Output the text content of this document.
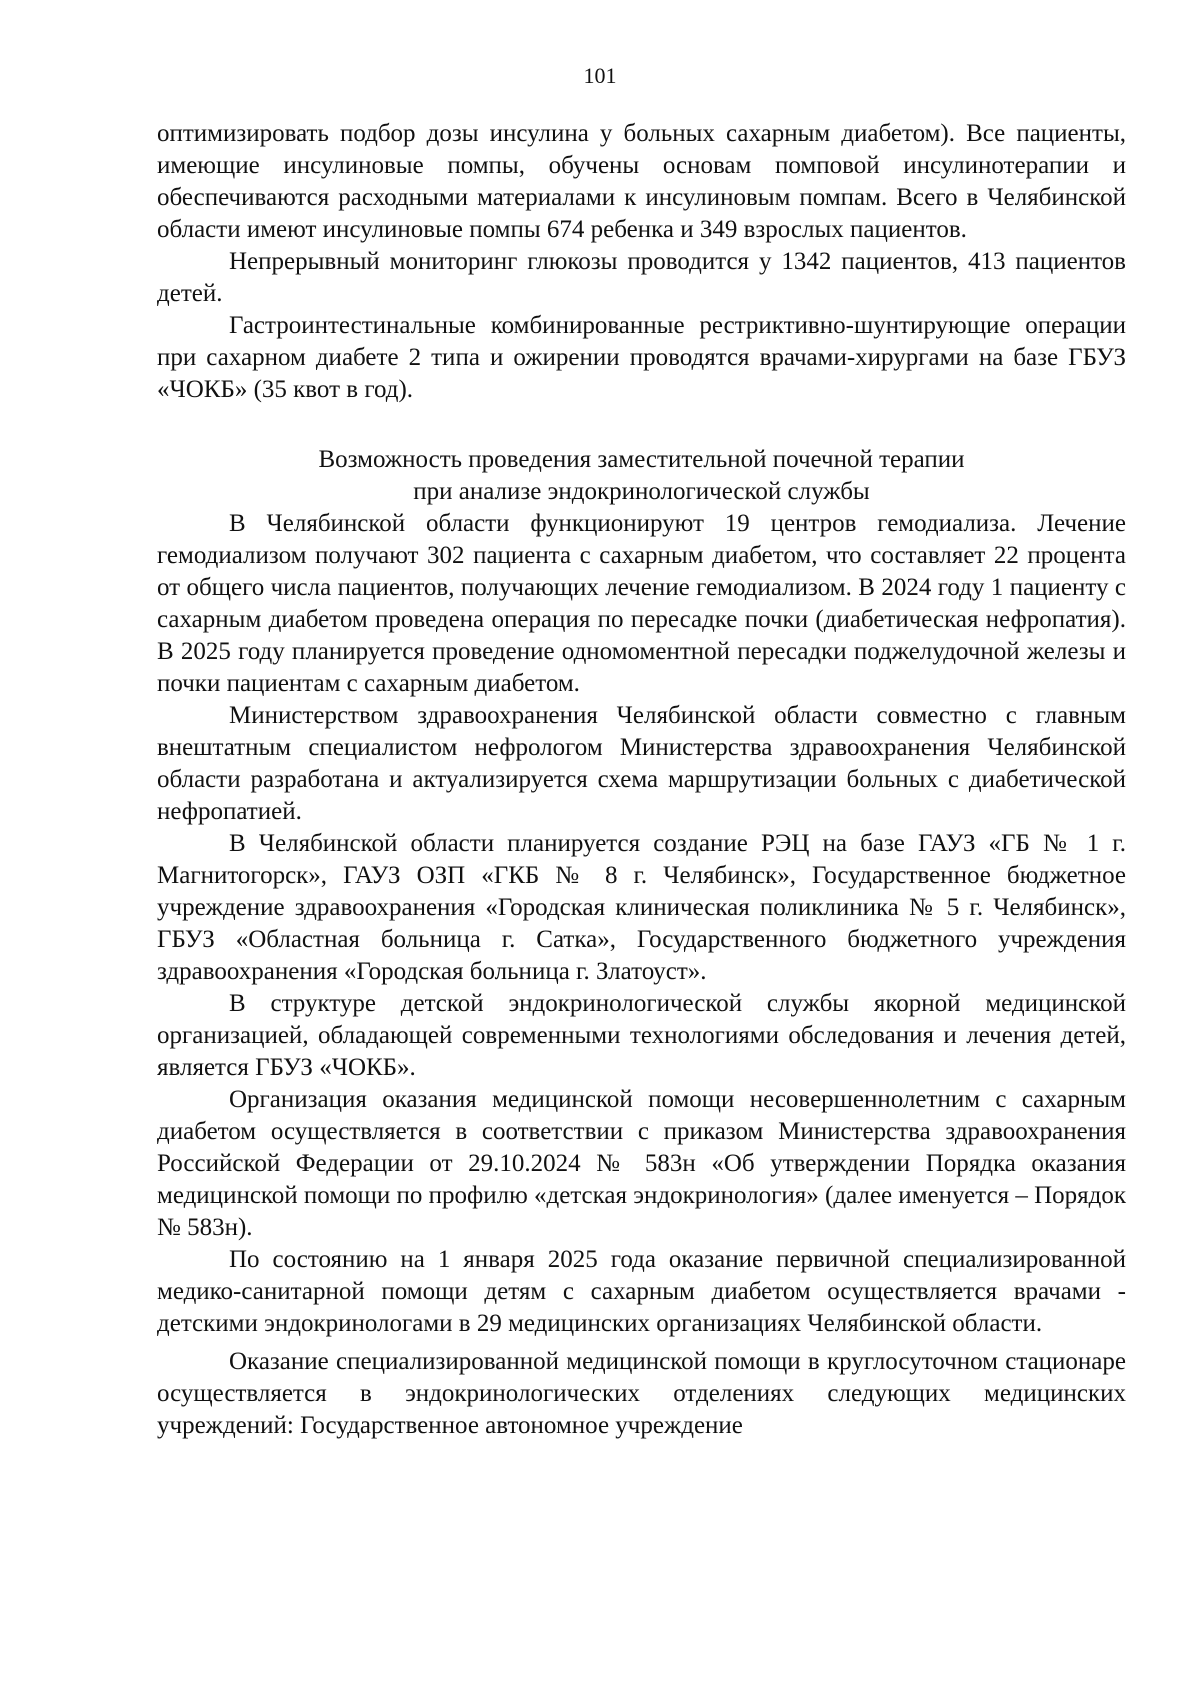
101

оптимизировать подбор дозы инсулина у больных сахарным диабетом). Все пациенты, имеющие инсулиновые помпы, обучены основам помповой инсулинотерапии и обеспечиваются расходными материалами к инсулиновым помпам. Всего в Челябинской области имеют инсулиновые помпы 674 ребенка и 349 взрослых пациентов.

Непрерывный мониторинг глюкозы проводится у 1342 пациентов, 413 пациентов детей.

Гастроинтестинальные комбинированные рестриктивно-шунтирующие операции при сахарном диабете 2 типа и ожирении проводятся врачами-хирургами на базе ГБУЗ «ЧОКБ» (35 квот в год).

Возможность проведения заместительной почечной терапии
при анализе эндокринологической службы

В Челябинской области функционируют 19 центров гемодиализа. Лечение гемодиализом получают 302 пациента с сахарным диабетом, что составляет 22 процента от общего числа пациентов, получающих лечение гемодиализом. В 2024 году 1 пациенту с сахарным диабетом проведена операция по пересадке почки (диабетическая нефропатия). В 2025 году планируется проведение одномоментной пересадки поджелудочной железы и почки пациентам с сахарным диабетом.

Министерством здравоохранения Челябинской области совместно с главным внештатным специалистом нефрологом Министерства здравоохранения Челябинской области разработана и актуализируется схема маршрутизации больных с диабетической нефропатией.

В Челябинской области планируется создание РЭЦ на базе ГАУЗ «ГБ № 1 г. Магнитогорск», ГАУЗ ОЗП «ГКБ № 8 г. Челябинск», Государственное бюджетное учреждение здравоохранения «Городская клиническая поликлиника № 5 г. Челябинск», ГБУЗ «Областная больница г. Сатка», Государственного бюджетного учреждения здравоохранения «Городская больница г. Златоуст».

В структуре детской эндокринологической службы якорной медицинской организацией, обладающей современными технологиями обследования и лечения детей, является ГБУЗ «ЧОКБ».

Организация оказания медицинской помощи несовершеннолетним с сахарным диабетом осуществляется в соответствии с приказом Министерства здравоохранения Российской Федерации от 29.10.2024 № 583н «Об утверждении Порядка оказания медицинской помощи по профилю «детская эндокринология» (далее именуется – Порядок № 583н).

По состоянию на 1 января 2025 года оказание первичной специализированной медико-санитарной помощи детям с сахарным диабетом осуществляется врачами - детскими эндокринологами в 29 медицинских организациях Челябинской области.

Оказание специализированной медицинской помощи в круглосуточном стационаре осуществляется в эндокринологических отделениях следующих медицинских учреждений: Государственное автономное учреждение
